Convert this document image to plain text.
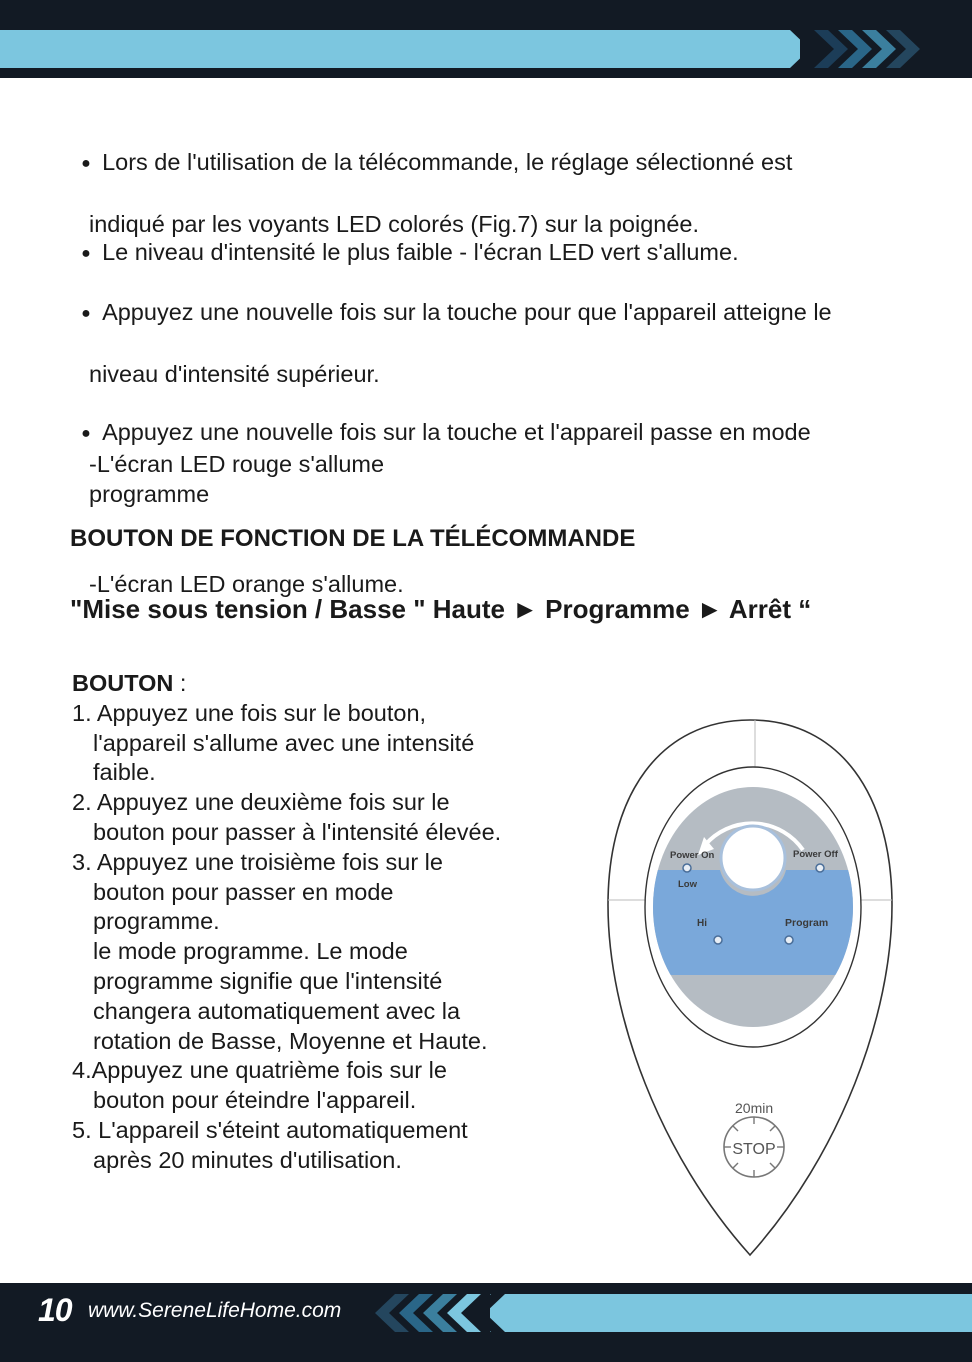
● Lors de l'utilisation de la télécommande, le réglage sélectionné est

indiqué par les voyants LED colorés (Fig.7) sur la poignée.

● Le niveau d'intensité le plus faible - l'écran LED vert s'allume.

● Appuyez une nouvelle fois sur la touche pour que l'appareil atteigne le

niveau d'intensité supérieur.

-L'écran LED rouge s'allume

● Appuyez une nouvelle fois sur la touche et l'appareil passe en mode

programme

-L'écran LED orange s'allume.

BOUTON DE FONCTION DE LA TÉLÉCOMMANDE
"Mise sous tension / Basse " Haute ► Programme ► Arrêt “
BOUTON :
1. Appuyez une fois sur le bouton,
l'appareil s'allume avec une intensité
faible.
2. Appuyez une deuxième fois sur le
bouton pour passer à l'intensité élevée.
3. Appuyez une troisième fois sur le
bouton pour passer en mode
programme.
le mode programme. Le mode
programme signifie que l'intensité
changera automatiquement avec la
rotation de Basse, Moyenne et Haute.
4.Appuyez une quatrième fois sur le
bouton pour éteindre l'appareil.
5. L'appareil s'éteint automatiquement
après 20 minutes d'utilisation.
Power On
Low
Power Off
Hi	Program
20min
STOP
10 www.SereneLifeHome.com
